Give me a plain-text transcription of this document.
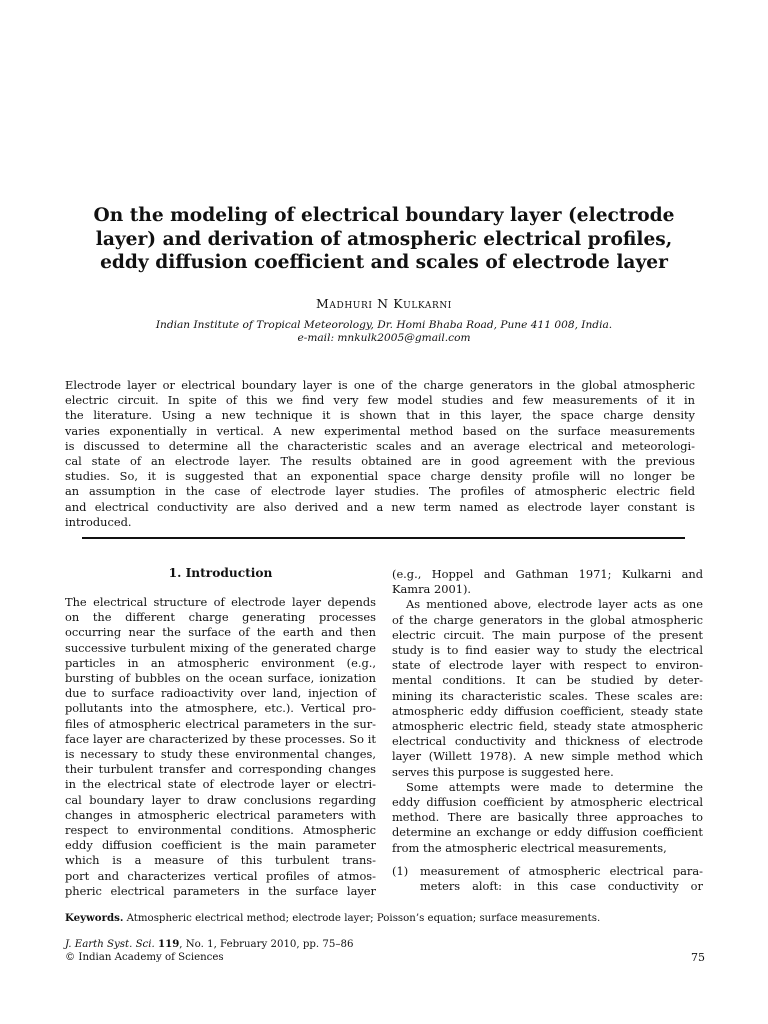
On the modeling of electrical boundary layer (electrode
layer) and derivation of atmospheric electrical profiles,
eddy diffusion coefficient and scales of electrode layer
Madhuri N Kulkarni
Indian Institute of Tropical Meteorology, Dr. Homi Bhaba Road, Pune 411 008, India.
e-mail: mnkulk2005@gmail.com
Electrode layer or electrical boundary layer is one of the charge generators in the global atmospheric
electric circuit. In spite of this we find very few model studies and few measurements of it in
the literature. Using a new technique it is shown that in this layer, the space charge density
varies exponentially in vertical. A new experimental method based on the surface measurements
is discussed to determine all the characteristic scales and an average electrical and meteorologi-
cal state of an electrode layer. The results obtained are in good agreement with the previous
studies. So, it is suggested that an exponential space charge density profile will no longer be
an assumption in the case of electrode layer studies. The profiles of atmospheric electric field
and electrical conductivity are also derived and a new term named as electrode layer constant is
introduced.
1. Introduction

The electrical structure of electrode layer depends
on the different charge generating processes
occurring near the surface of the earth and then
successive turbulent mixing of the generated charge
particles in an atmospheric environment (e.g.,
bursting of bubbles on the ocean surface, ionization
due to surface radioactivity over land, injection of
pollutants into the atmosphere, etc.). Vertical pro-
files of atmospheric electrical parameters in the sur-
face layer are characterized by these processes. So it
is necessary to study these environmental changes,
their turbulent transfer and corresponding changes
in the electrical state of electrode layer or electri-
cal boundary layer to draw conclusions regarding
changes in atmospheric electrical parameters with
respect to environmental conditions. Atmospheric
eddy diffusion coefficient is the main parameter
which is a measure of this turbulent trans-
port and characterizes vertical profiles of atmos-
pheric electrical parameters in the surface layer

(e.g., Hoppel and Gathman 1971; Kulkarni and
Kamra 2001).

As mentioned above, electrode layer acts as one
of the charge generators in the global atmospheric
electric circuit. The main purpose of the present
study is to find easier way to study the electrical
state of electrode layer with respect to environ-
mental conditions. It can be studied by deter-
mining its characteristic scales. These scales are:
atmospheric eddy diffusion coefficient, steady state
atmospheric electric field, steady state atmospheric
electrical conductivity and thickness of electrode
layer (Willett 1978). A new simple method which
serves this purpose is suggested here.

Some attempts were made to determine the
eddy diffusion coefficient by atmospheric electrical
method. There are basically three approaches to
determine an exchange or eddy diffusion coefficient
from the atmospheric electrical measurements,

(1) measurement of atmospheric electrical para-
meters aloft: in this case conductivity or
Keywords. Atmospheric electrical method; electrode layer; Poisson’s equation; surface measurements.
J. Earth Syst. Sci. 119, No. 1, February 2010, pp. 75–86
© Indian Academy of Sciences	75
